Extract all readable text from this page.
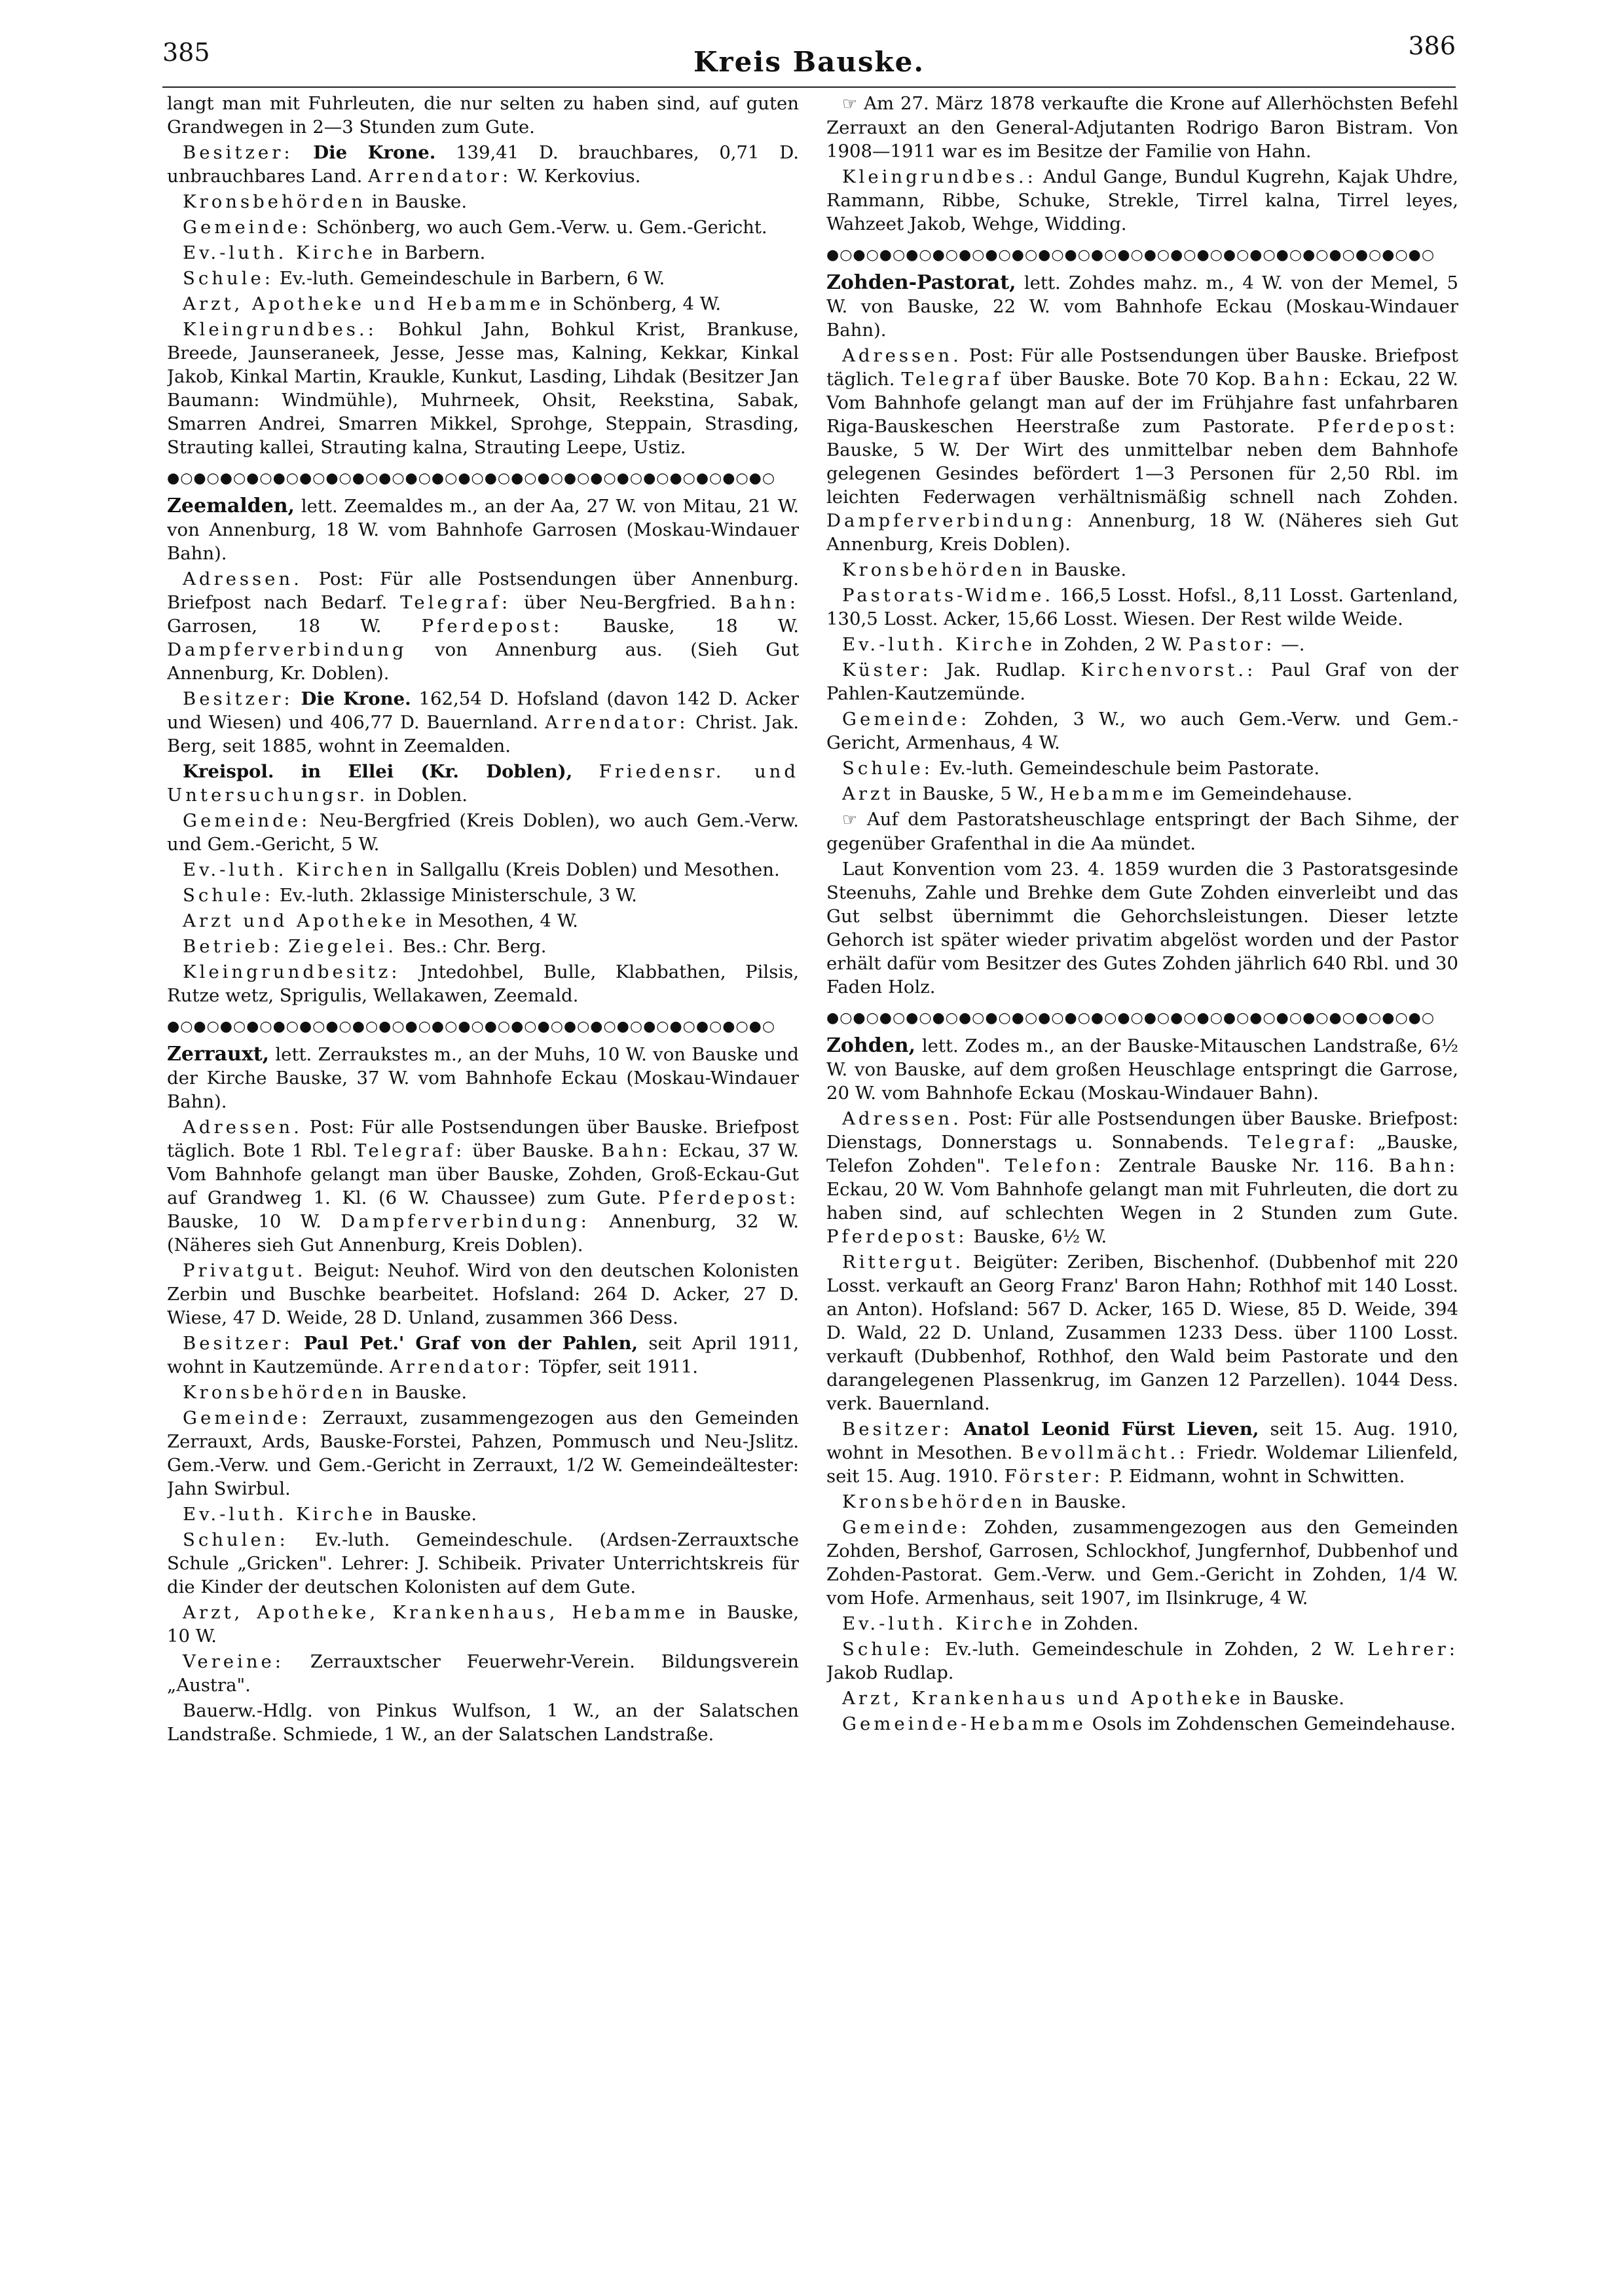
385	Kreis Bauske.	386

langt man mit Fuhrleuten, die nur selten zu haben sind, auf guten Grandwegen in 2—3 Stunden zum Gute.

Besitzer: Die Krone. 139,41 D. brauchbares, 0,71 D. unbrauchbares Land. Arrendator: W. Kerkovius.

Kronsbehörden in Bauske.

Gemeinde: Schönberg, wo auch Gem.-Verw. u. Gem.-Gericht.

Ev.-luth. Kirche in Barbern.

Schule: Ev.-luth. Gemeindeschule in Barbern, 6 W.

Arzt, Apotheke und Hebamme in Schönberg, 4 W.

Kleingrundbes.: Bohkul Jahn, Bohkul Krist, Brankuse, Breede, Jaunseraneek, Jesse, Jesse mas, Kalning, Kekkar, Kinkal Jakob, Kinkal Martin, Kraukle, Kunkut, Lasding, Lihdak (Besitzer Jan Baumann: Windmühle), Muhrneek, Ohsit, Reekstina, Sabak, Smarren Andrei, Smarren Mikkel, Sprohge, Steppain, Strasding, Strauting kallei, Strauting kalna, Strauting Leepe, Ustiz.

●○●○●○●○●○●○●○●○●○●○●○●○●○●○●○●○●○●○●○●○●○●○●○

Zeemalden, lett. Zeemaldes m., an der Aa, 27 W. von Mitau, 21 W. von Annenburg, 18 W. vom Bahnhofe Garrosen (Moskau-Windauer Bahn).

Adressen. Post: Für alle Postsendungen über Annenburg. Briefpost nach Bedarf. Telegraf: über Neu-Bergfried. Bahn: Garrosen, 18 W. Pferdepost: Bauske, 18 W. Dampferverbindung von Annenburg aus. (Sieh Gut Annenburg, Kr. Doblen).

Besitzer: Die Krone. 162,54 D. Hofsland (davon 142 D. Acker und Wiesen) und 406,77 D. Bauernland. Arrendator: Christ. Jak. Berg, seit 1885, wohnt in Zeemalden.

Kreispol. in Ellei (Kr. Doblen), Friedensr. und Untersuchungsr. in Doblen.

Gemeinde: Neu-Bergfried (Kreis Doblen), wo auch Gem.-Verw. und Gem.-Gericht, 5 W.

Ev.-luth. Kirchen in Sallgallu (Kreis Doblen) und Mesothen.

Schule: Ev.-luth. 2klassige Ministerschule, 3 W.

Arzt und Apotheke in Mesothen, 4 W.

Betrieb: Ziegelei. Bes.: Chr. Berg.

Kleingrundbesitz: Jntedohbel, Bulle, Klabbathen, Pilsis, Rutze wetz, Sprigulis, Wellakawen, Zeemald.

●○●○●○●○●○●○●○●○●○●○●○●○●○●○●○●○●○●○●○●○●○●○●○

Zerrauxt, lett. Zerraukstes m., an der Muhs, 10 W. von Bauske und der Kirche Bauske, 37 W. vom Bahnhofe Eckau (Moskau-Windauer Bahn).

Adressen. Post: Für alle Postsendungen über Bauske. Briefpost täglich. Bote 1 Rbl. Telegraf: über Bauske. Bahn: Eckau, 37 W. Vom Bahnhofe gelangt man über Bauske, Zohden, Groß-Eckau-Gut auf Grandweg 1. Kl. (6 W. Chaussee) zum Gute. Pferdepost: Bauske, 10 W. Dampferverbindung: Annenburg, 32 W. (Näheres sieh Gut Annenburg, Kreis Doblen).

Privatgut. Beigut: Neuhof. Wird von den deutschen Kolonisten Zerbin und Buschke bearbeitet. Hofsland: 264 D. Acker, 27 D. Wiese, 47 D. Weide, 28 D. Unland, zusammen 366 Dess.

Besitzer: Paul Pet.' Graf von der Pahlen, seit April 1911, wohnt in Kautzemünde. Arrendator: Töpfer, seit 1911.

Kronsbehörden in Bauske.

Gemeinde: Zerrauxt, zusammengezogen aus den Gemeinden Zerrauxt, Ards, Bauske-Forstei, Pahzen, Pommusch und Neu-Jslitz. Gem.-Verw. und Gem.-Gericht in Zerrauxt, 1/2 W. Gemeindeältester: Jahn Swirbul.

Ev.-luth. Kirche in Bauske.

Schulen: Ev.-luth. Gemeindeschule. (Ardsen-Zerrauxtsche Schule „Gricken". Lehrer: J. Schibeik. Privater Unterrichtskreis für die Kinder der deutschen Kolonisten auf dem Gute.

Arzt, Apotheke, Krankenhaus, Hebamme in Bauske, 10 W.

Vereine: Zerrauxtscher Feuerwehr-Verein. Bildungsverein „Austra".

Bauerw.-Hdlg. von Pinkus Wulfson, 1 W., an der Salatschen Landstraße. Schmiede, 1 W., an der Salatschen Landstraße.

☞ Am 27. März 1878 verkaufte die Krone auf Allerhöchsten Befehl Zerrauxt an den General-Adjutanten Rodrigo Baron Bistram. Von 1908—1911 war es im Besitze der Familie von Hahn.

Kleingrundbes.: Andul Gange, Bundul Kugrehn, Kajak Uhdre, Rammann, Ribbe, Schuke, Strekle, Tirrel kalna, Tirrel leyes, Wahzeet Jakob, Wehge, Widding.

●○●○●○●○●○●○●○●○●○●○●○●○●○●○●○●○●○●○●○●○●○●○●○

Zohden-Pastorat, lett. Zohdes mahz. m., 4 W. von der Memel, 5 W. von Bauske, 22 W. vom Bahnhofe Eckau (Moskau-Windauer Bahn).

Adressen. Post: Für alle Postsendungen über Bauske. Briefpost täglich. Telegraf über Bauske. Bote 70 Kop. Bahn: Eckau, 22 W. Vom Bahnhofe gelangt man auf der im Frühjahre fast unfahrbaren Riga-Bauskeschen Heerstraße zum Pastorate. Pferdepost: Bauske, 5 W. Der Wirt des unmittelbar neben dem Bahnhofe gelegenen Gesindes befördert 1—3 Personen für 2,50 Rbl. im leichten Federwagen verhältnismäßig schnell nach Zohden. Dampferverbindung: Annenburg, 18 W. (Näheres sieh Gut Annenburg, Kreis Doblen).

Kronsbehörden in Bauske.

Pastorats-Widme. 166,5 Losst. Hofsl., 8,11 Losst. Gartenland, 130,5 Losst. Acker, 15,66 Losst. Wiesen. Der Rest wilde Weide.

Ev.-luth. Kirche in Zohden, 2 W. Pastor: —.

Küster: Jak. Rudlap. Kirchenvorst.: Paul Graf von der Pahlen-Kautzemünde.

Gemeinde: Zohden, 3 W., wo auch Gem.-Verw. und Gem.-Gericht, Armenhaus, 4 W.

Schule: Ev.-luth. Gemeindeschule beim Pastorate.

Arzt in Bauske, 5 W., Hebamme im Gemeindehause.

☞ Auf dem Pastoratsheuschlage entspringt der Bach Sihme, der gegenüber Grafenthal in die Aa mündet.

Laut Konvention vom 23. 4. 1859 wurden die 3 Pastoratsgesinde Steenuhs, Zahle und Brehke dem Gute Zohden einverleibt und das Gut selbst übernimmt die Gehorchsleistungen. Dieser letzte Gehorch ist später wieder privatim abgelöst worden und der Pastor erhält dafür vom Besitzer des Gutes Zohden jährlich 640 Rbl. und 30 Faden Holz.

●○●○●○●○●○●○●○●○●○●○●○●○●○●○●○●○●○●○●○●○●○●○●○

Zohden, lett. Zodes m., an der Bauske-Mitauschen Landstraße, 6½ W. von Bauske, auf dem großen Heuschlage entspringt die Garrose, 20 W. vom Bahnhofe Eckau (Moskau-Windauer Bahn).

Adressen. Post: Für alle Postsendungen über Bauske. Briefpost: Dienstags, Donnerstags u. Sonnabends. Telegraf: „Bauske, Telefon Zohden". Telefon: Zentrale Bauske Nr. 116. Bahn: Eckau, 20 W. Vom Bahnhofe gelangt man mit Fuhrleuten, die dort zu haben sind, auf schlechten Wegen in 2 Stunden zum Gute. Pferdepost: Bauske, 6½ W.

Rittergut. Beigüter: Zeriben, Bischenhof. (Dubbenhof mit 220 Losst. verkauft an Georg Franz' Baron Hahn; Rothhof mit 140 Losst. an Anton). Hofsland: 567 D. Acker, 165 D. Wiese, 85 D. Weide, 394 D. Wald, 22 D. Unland, Zusammen 1233 Dess. über 1100 Losst. verkauft (Dubbenhof, Rothhof, den Wald beim Pastorate und den darangelegenen Plassenkrug, im Ganzen 12 Parzellen). 1044 Dess. verk. Bauernland.

Besitzer: Anatol Leonid Fürst Lieven, seit 15. Aug. 1910, wohnt in Mesothen. Bevollmächt.: Friedr. Woldemar Lilienfeld, seit 15. Aug. 1910. Förster: P. Eidmann, wohnt in Schwitten.

Kronsbehörden in Bauske.

Gemeinde: Zohden, zusammengezogen aus den Gemeinden Zohden, Bershof, Garrosen, Schlockhof, Jungfernhof, Dubbenhof und Zohden-Pastorat. Gem.-Verw. und Gem.-Gericht in Zohden, 1/4 W. vom Hofe. Armenhaus, seit 1907, im Ilsinkruge, 4 W.

Ev.-luth. Kirche in Zohden.

Schule: Ev.-luth. Gemeindeschule in Zohden, 2 W. Lehrer: Jakob Rudlap.

Arzt, Krankenhaus und Apotheke in Bauske.

Gemeinde-Hebamme Osols im Zohdenschen Gemeindehause.
